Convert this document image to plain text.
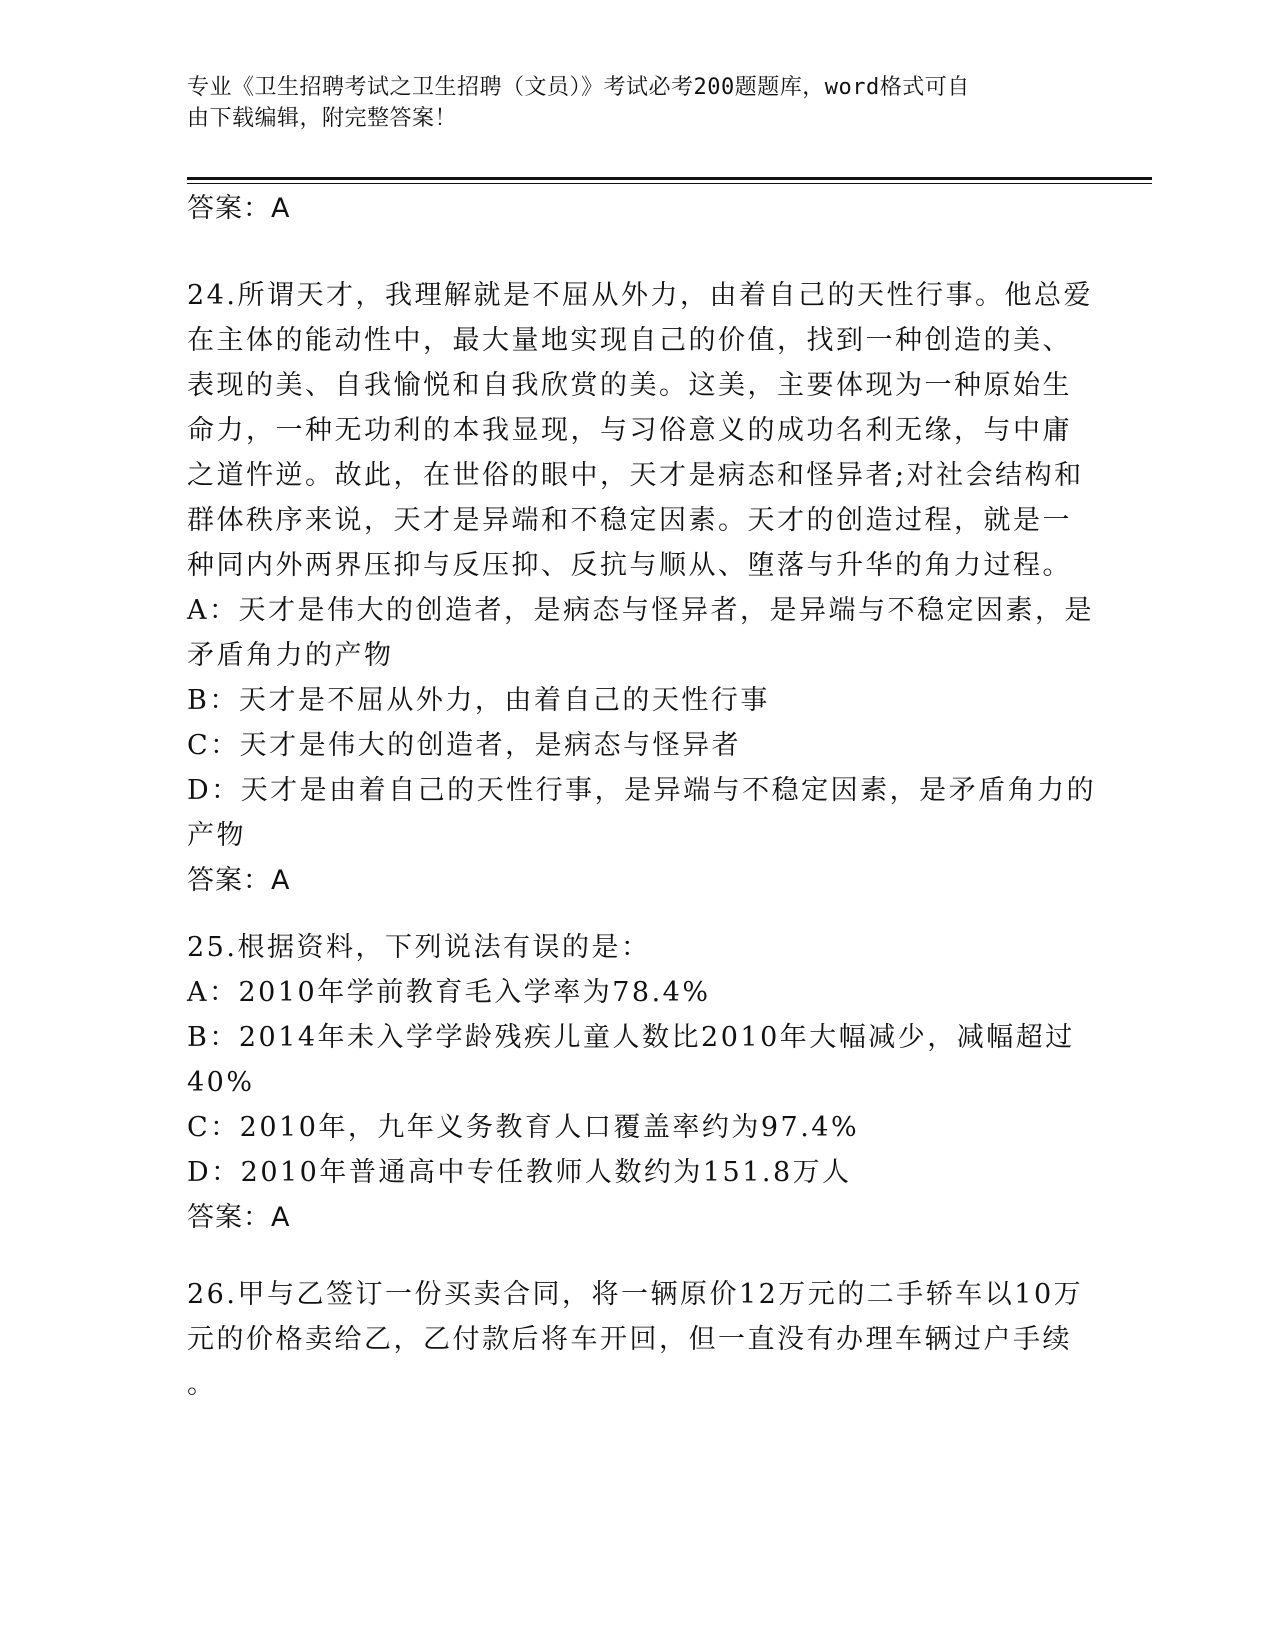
专业《卫生招聘考试之卫生招聘（文员）》考试必考200题题库，word格式可自
由下载编辑，附完整答案！
答案：A
24.所谓天才，我理解就是不屈从外力，由着自己的天性行事。他总爱
在主体的能动性中，最大量地实现自己的价值，找到一种创造的美、
表现的美、自我愉悦和自我欣赏的美。这美，主要体现为一种原始生
命力，一种无功利的本我显现，与习俗意义的成功名利无缘，与中庸
之道忤逆。故此，在世俗的眼中，天才是病态和怪异者;对社会结构和
群体秩序来说，天才是异端和不稳定因素。天才的创造过程，就是一
种同内外两界压抑与反压抑、反抗与顺从、堕落与升华的角力过程。
A：天才是伟大的创造者，是病态与怪异者，是异端与不稳定因素，是
矛盾角力的产物
B：天才是不屈从外力，由着自己的天性行事
C：天才是伟大的创造者，是病态与怪异者
D：天才是由着自己的天性行事，是异端与不稳定因素，是矛盾角力的
产物
答案：A
25.根据资料，下列说法有误的是：
A：2010年学前教育毛入学率为78.4%
B：2014年未入学学龄残疾儿童人数比2010年大幅减少，减幅超过
40%
C：2010年，九年义务教育人口覆盖率约为97.4%
D：2010年普通高中专任教师人数约为151.8万人
答案：A
26.甲与乙签订一份买卖合同，将一辆原价12万元的二手轿车以10万
元的价格卖给乙，乙付款后将车开回，但一直没有办理车辆过户手续
。
